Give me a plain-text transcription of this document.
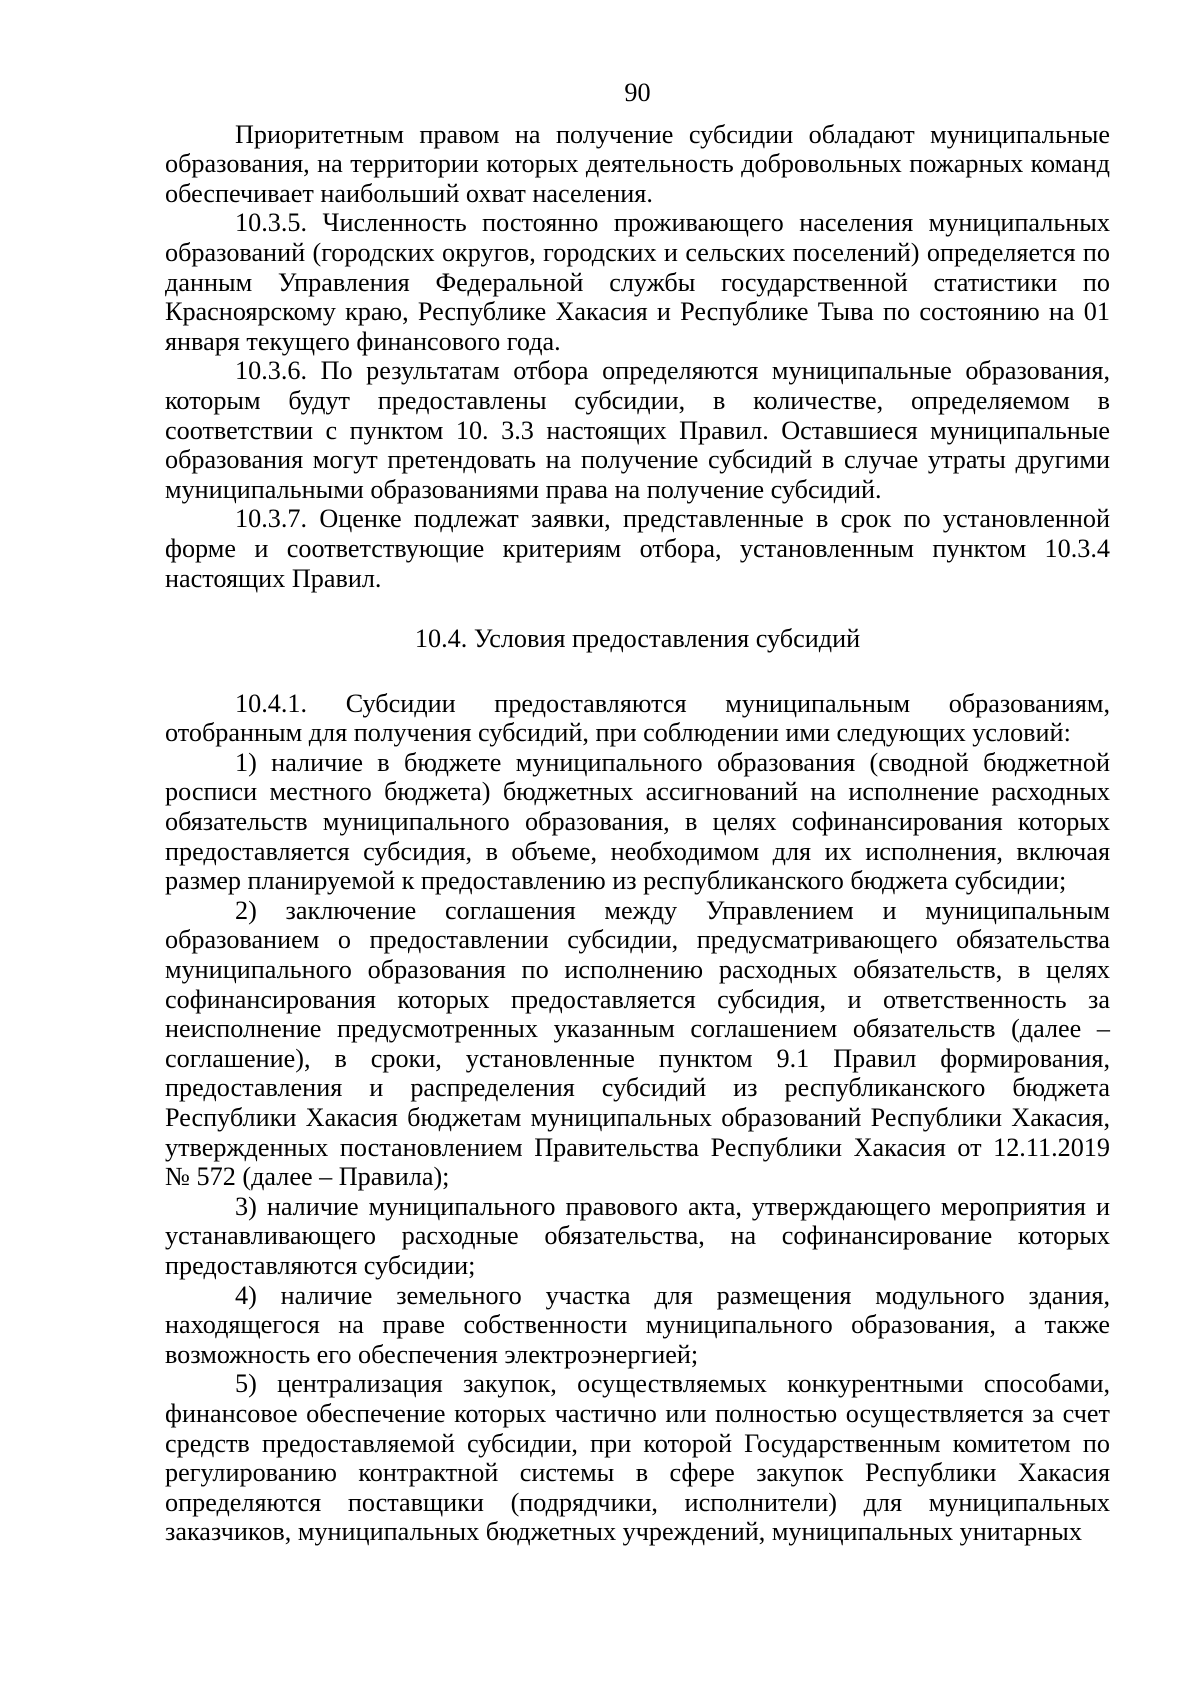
90

Приоритетным правом на получение субсидии обладают муниципальные образования, на территории которых деятельность добровольных пожарных команд обеспечивает наибольший охват населения.

10.3.5. Численность постоянно проживающего населения муниципальных образований (городских округов, городских и сельских поселений) определяется по данным Управления Федеральной службы государственной статистики по Красноярскому краю, Республике Хакасия и Республике Тыва по состоянию на 01 января текущего финансового года.

10.3.6. По результатам отбора определяются муниципальные образования, которым будут предоставлены субсидии, в количестве, определяемом в соответствии с пунктом 10. 3.3 настоящих Правил. Оставшиеся муниципальные образования могут претендовать на получение субсидий в случае утраты другими муниципальными образованиями права на получение субсидий.

10.3.7. Оценке подлежат заявки, представленные в срок по установленной форме и соответствующие критериям отбора, установленным пунктом 10.3.4 настоящих Правил.

10.4. Условия предоставления субсидий

10.4.1. Субсидии предоставляются муниципальным образованиям, отобранным для получения субсидий, при соблюдении ими следующих условий:

1) наличие в бюджете муниципального образования (сводной бюджетной росписи местного бюджета) бюджетных ассигнований на исполнение расходных обязательств муниципального образования, в целях софинансирования которых предоставляется субсидия, в объеме, необходимом для их исполнения, включая размер планируемой к предоставлению из республиканского бюджета субсидии;

2) заключение соглашения между Управлением и муниципальным образованием о предоставлении субсидии, предусматривающего обязательства муниципального образования по исполнению расходных обязательств, в целях софинансирования которых предоставляется субсидия, и ответственность за неисполнение предусмотренных указанным соглашением обязательств (далее – соглашение), в сроки, установленные пунктом 9.1 Правил формирования, предоставления и распределения субсидий из республиканского бюджета Республики Хакасия бюджетам муниципальных образований Республики Хакасия, утвержденных постановлением Правительства Республики Хакасия от 12.11.2019 № 572 (далее – Правила);

3) наличие муниципального правового акта, утверждающего мероприятия и устанавливающего расходные обязательства, на софинансирование которых предоставляются субсидии;

4) наличие земельного участка для размещения модульного здания, находящегося на праве собственности муниципального образования, а также возможность его обеспечения электроэнергией;

5) централизация закупок, осуществляемых конкурентными способами, финансовое обеспечение которых частично или полностью осуществляется за счет средств предоставляемой субсидии, при которой Государственным комитетом по регулированию контрактной системы в сфере закупок Республики Хакасия определяются поставщики (подрядчики, исполнители) для муниципальных заказчиков, муниципальных бюджетных учреждений, муниципальных унитарных
